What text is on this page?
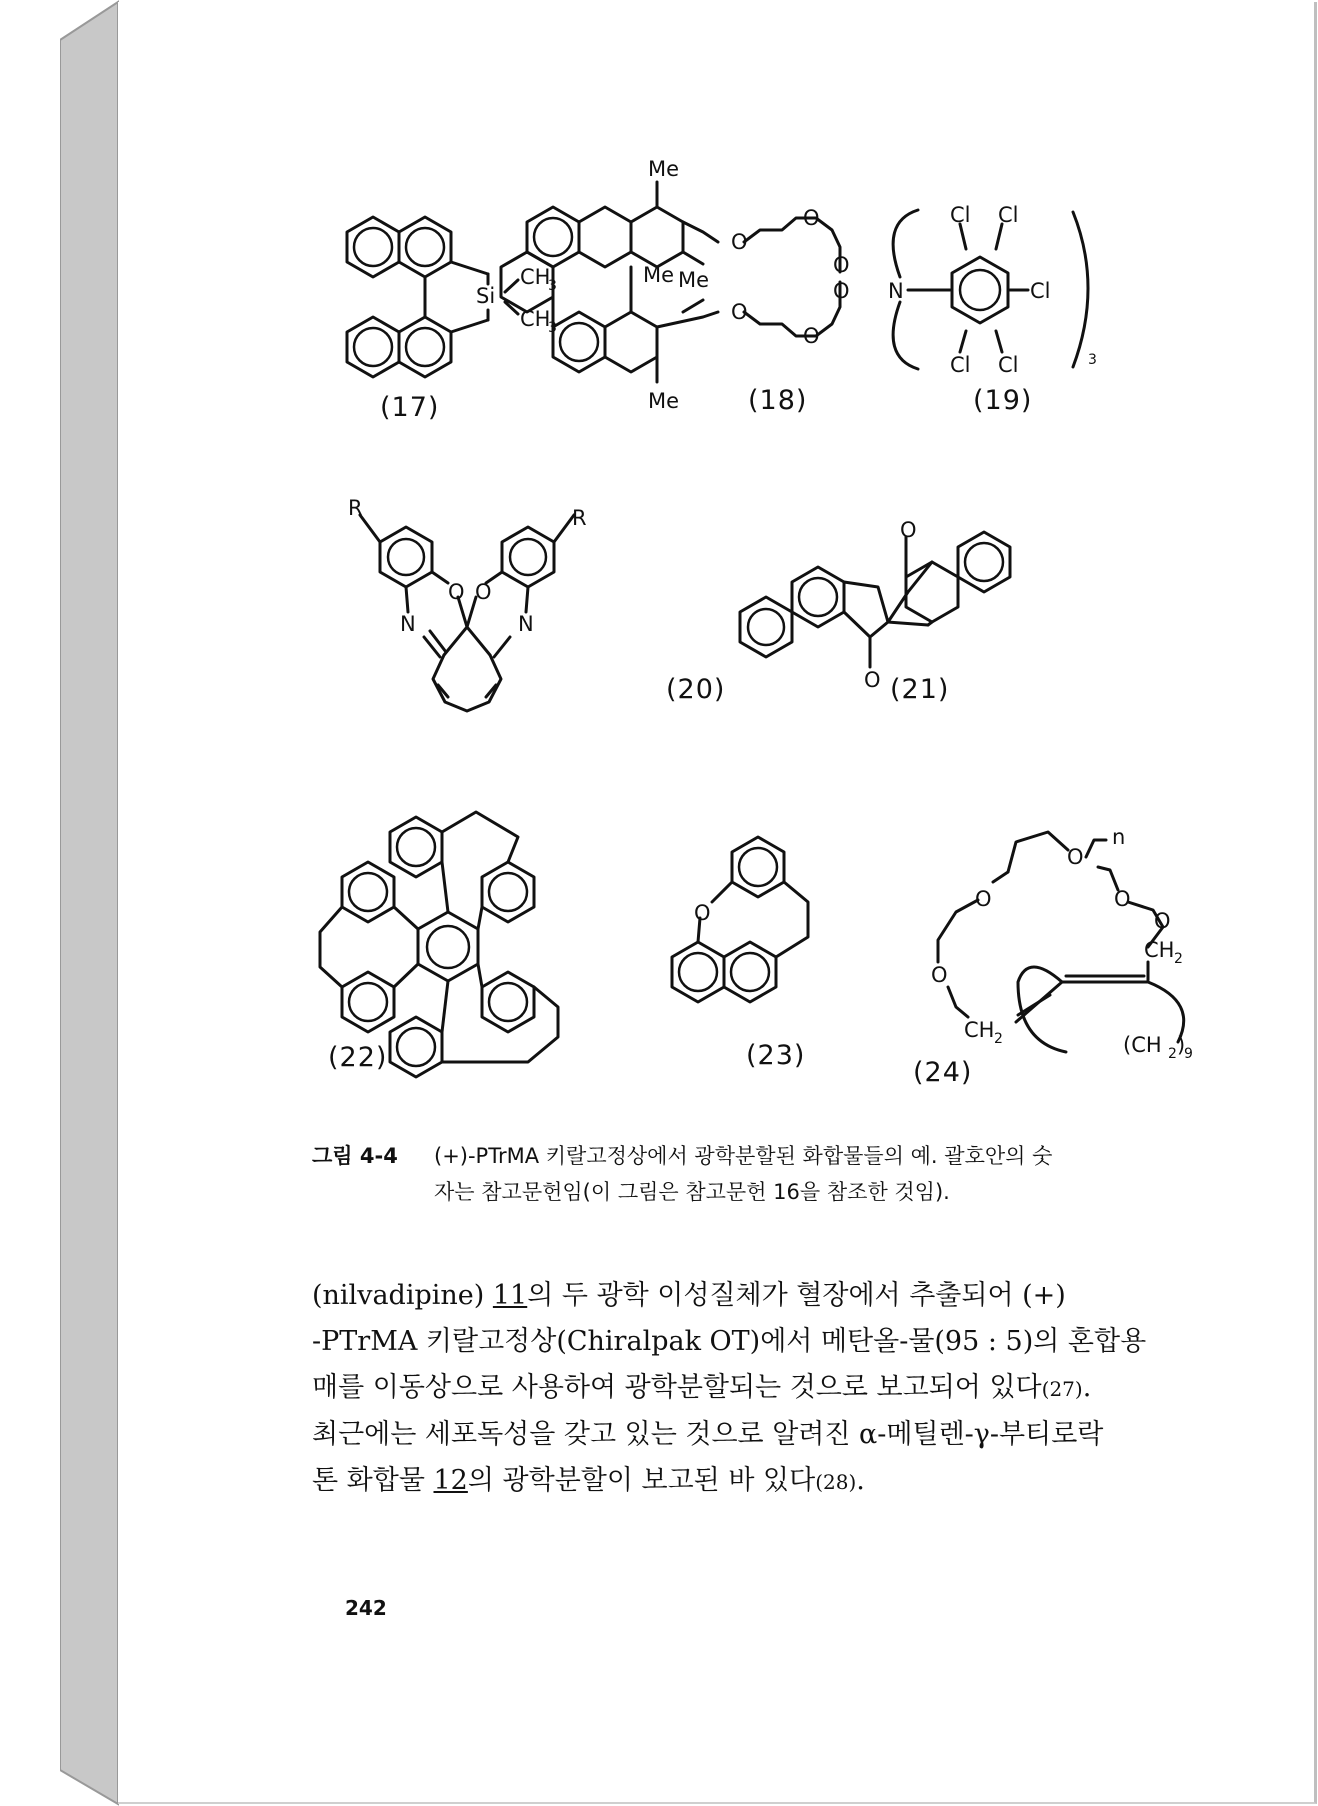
Si
CH
3
CH
3
(17)
O
O
O
O
O
O
Me
Me Me
Me	(18)
N
Cl Cl
Cl
Cl Cl	3
(19)
R	R
O O
N	N
(20)
O
O (21)
(22)
O
(23)
O
n
O
O
O
O
CH 2
CH 2	(CH 2 )
9
(24)
그림 4-4 (+)-PTrMA 키랄고정상에서 광학분할된 화합물들의 예. 괄호안의 숫
자는 참고문헌임(이 그림은 참고문헌 16을 참조한 것임).

(nilvadipine) 11의 두 광학 이성질체가 혈장에서 추출되어 (+)
-PTrMA 키랄고정상(Chiralpak OT)에서 메탄올-물(95 : 5)의 혼합용
매를 이동상으로 사용하여 광학분할되는 것으로 보고되어 있다(27).
최근에는 세포독성을 갖고 있는 것으로 알려진 α-메틸렌-γ-부티로락
톤 화합물 12의 광학분할이 보고된 바 있다(28).

242
